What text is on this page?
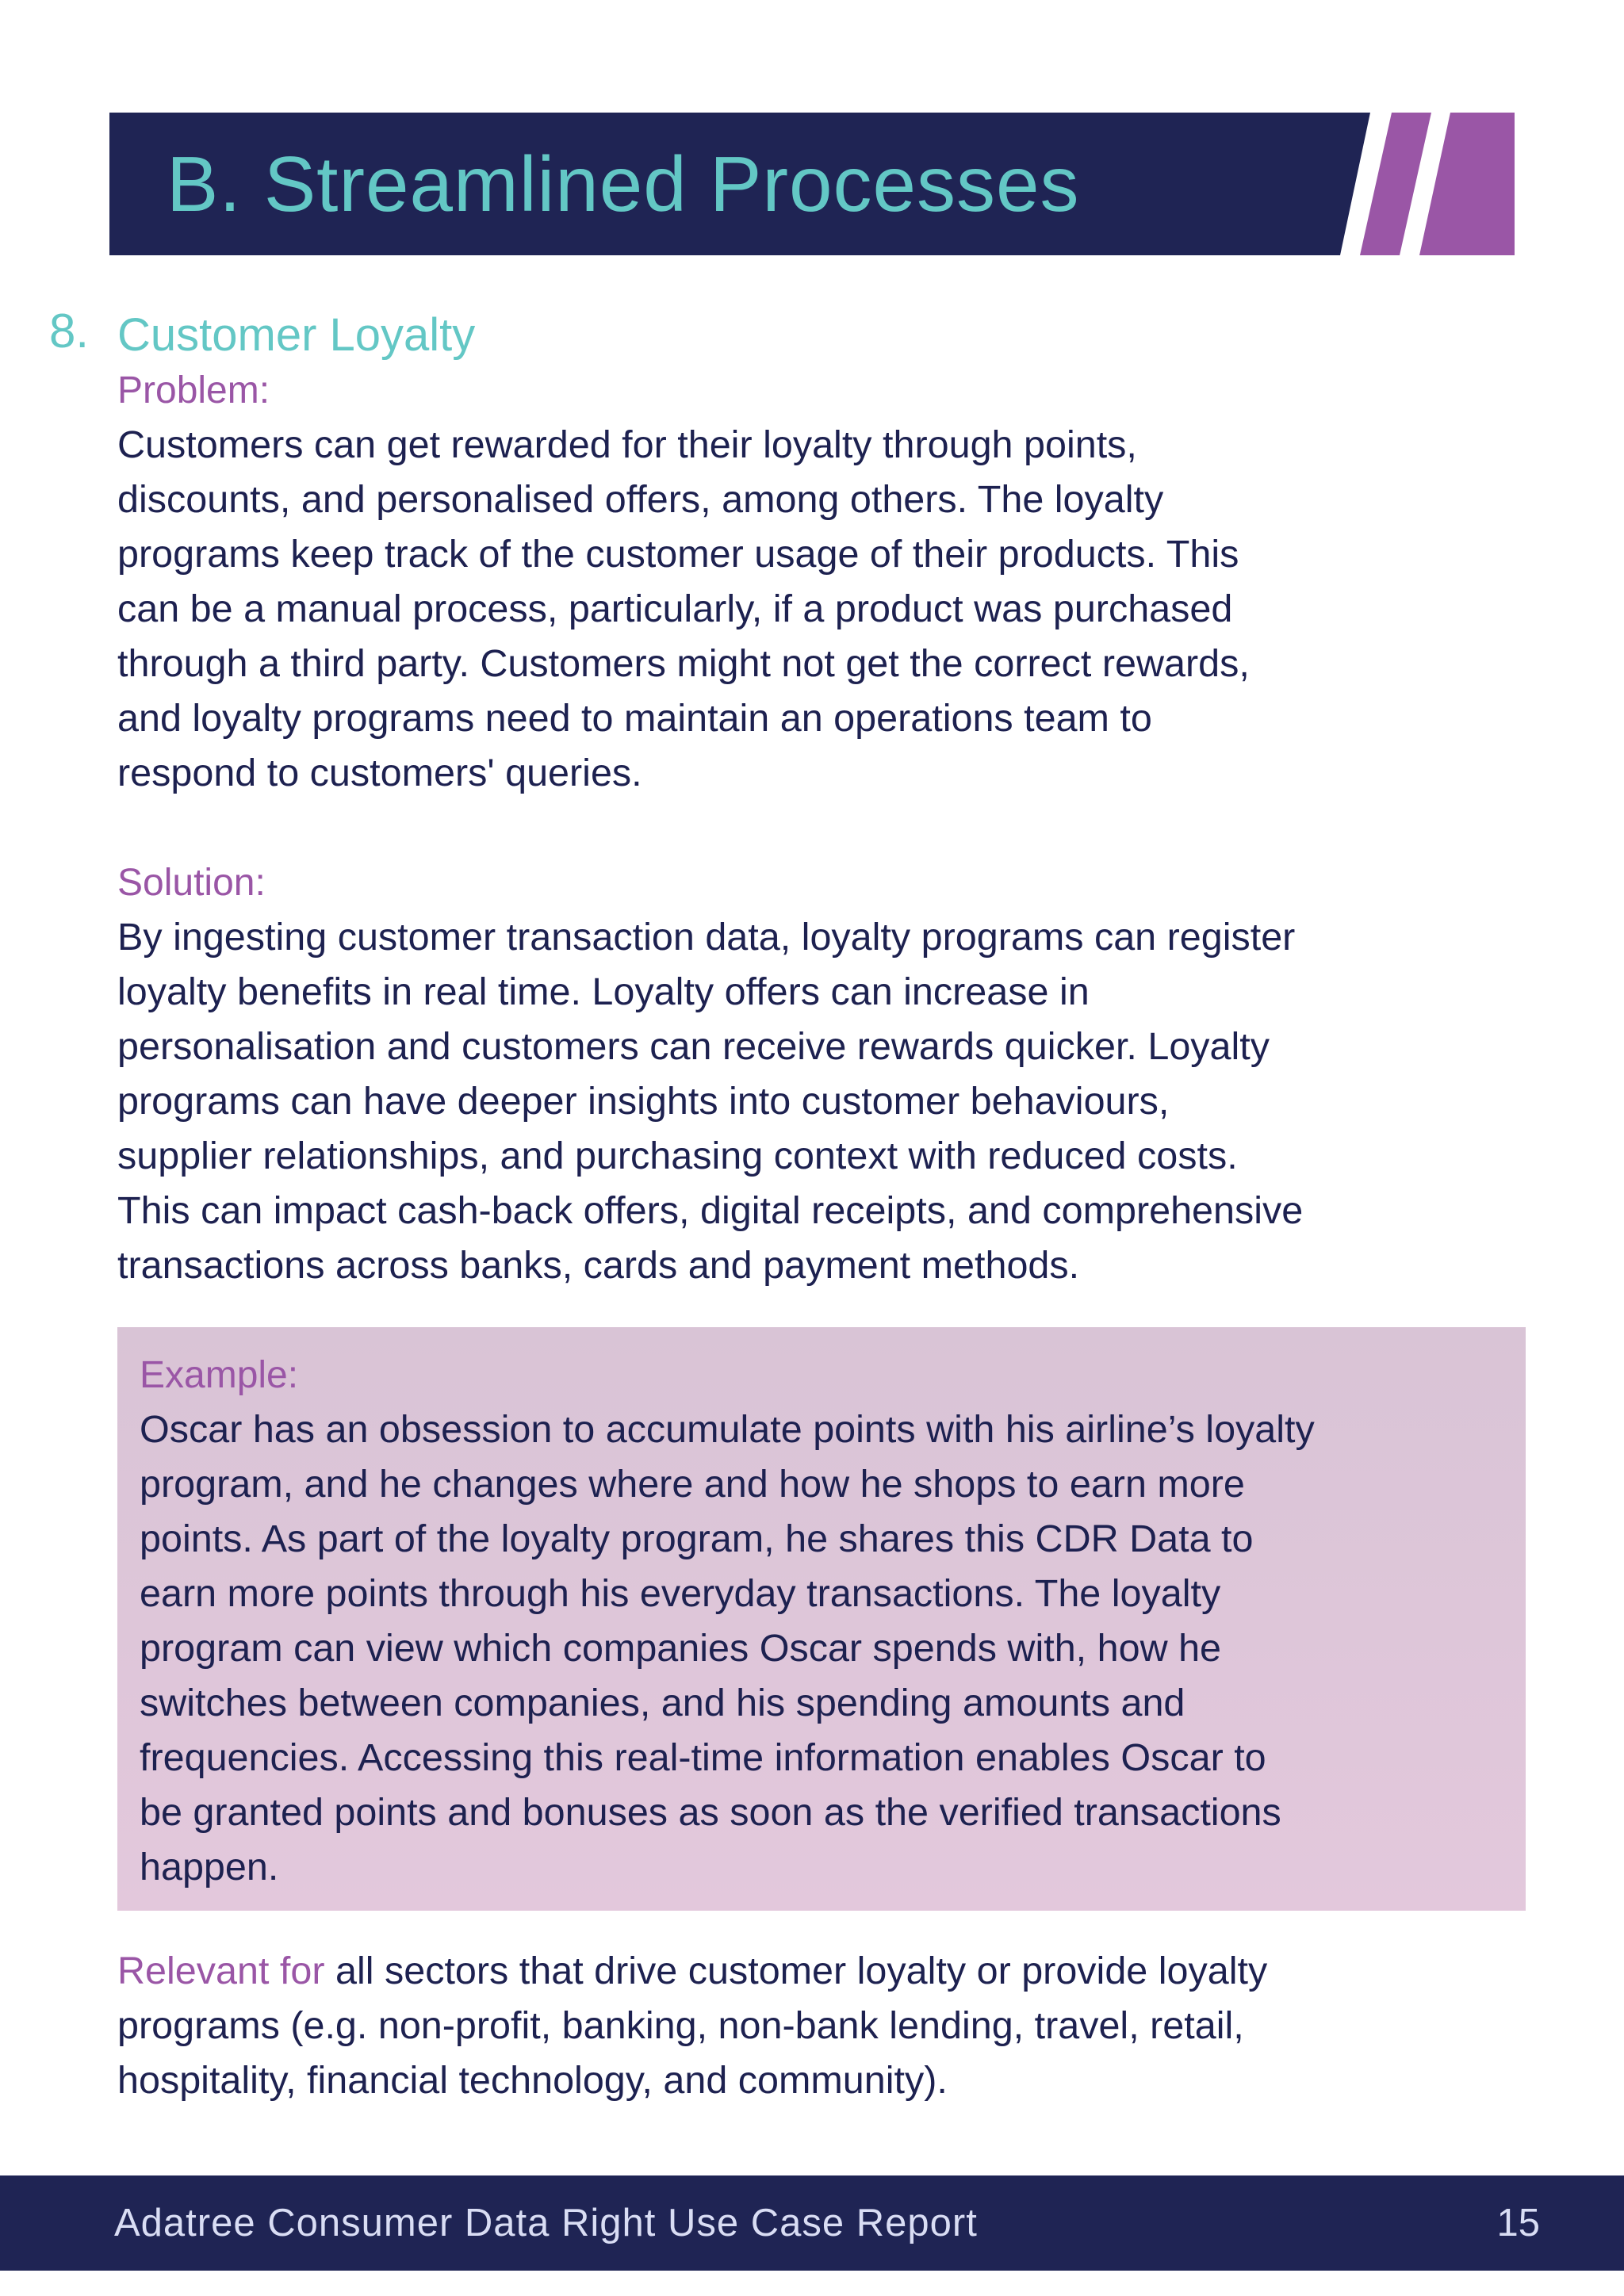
B. Streamlined Processes
8. Customer Loyalty
Problem:
Customers can get rewarded for their loyalty through points,
discounts, and personalised offers, among others. The loyalty
programs keep track of the customer usage of their products. This
can be a manual process, particularly, if a product was purchased
through a third party. Customers might not get the correct rewards,
and loyalty programs need to maintain an operations team to
respond to customers' queries.
Solution:
By ingesting customer transaction data, loyalty programs can register
loyalty benefits in real time. Loyalty offers can increase in
personalisation and customers can receive rewards quicker. Loyalty
programs can have deeper insights into customer behaviours,
supplier relationships, and purchasing context with reduced costs.
This can impact cash-back offers, digital receipts, and comprehensive
transactions across banks, cards and payment methods.
Example:
Oscar has an obsession to accumulate points with his airline’s loyalty
program, and he changes where and how he shops to earn more
points. As part of the loyalty program, he shares this CDR Data to
earn more points through his everyday transactions. The loyalty
program can view which companies Oscar spends with, how he
switches between companies, and his spending amounts and
frequencies. Accessing this real-time information enables Oscar to
be granted points and bonuses as soon as the verified transactions
happen.
Relevant for all sectors that drive customer loyalty or provide loyalty
programs (e.g. non-profit, banking, non-bank lending, travel, retail,
hospitality, financial technology, and community).
Adatree Consumer Data Right Use Case Report	15
